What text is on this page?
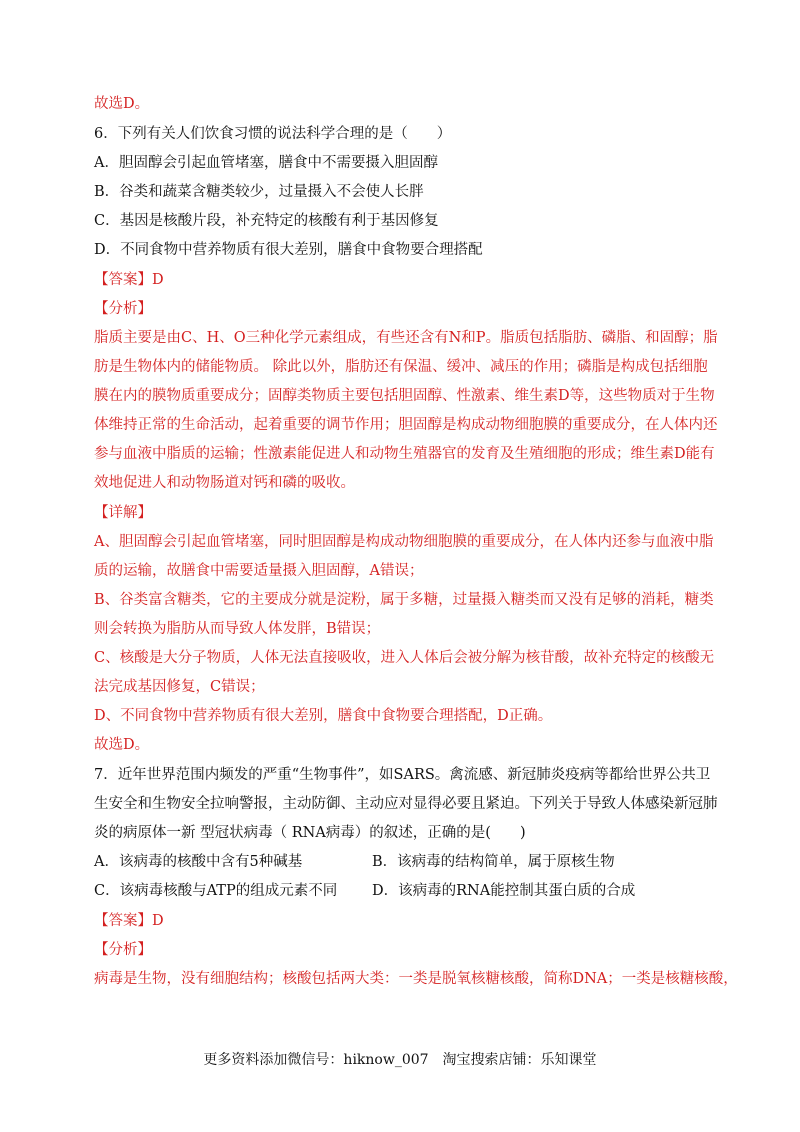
故选D。
6．下列有关人们饮食习惯的说法科学合理的是（　　）
A．胆固醇会引起血管堵塞，膳食中不需要摄入胆固醇
B．谷类和蔬菜含糖类较少，过量摄入不会使人长胖
C．基因是核酸片段，补充特定的核酸有利于基因修复
D．不同食物中营养物质有很大差别，膳食中食物要合理搭配
【答案】D
【分析】
脂质主要是由C、H、O三种化学元素组成，有些还含有N和P。脂质包括脂肪、磷脂、和固醇；脂
肪是生物体内的储能物质。 除此以外，脂肪还有保温、缓冲、减压的作用；磷脂是构成包括细胞
膜在内的膜物质重要成分；固醇类物质主要包括胆固醇、性激素、维生素D等，这些物质对于生物
体维持正常的生命活动，起着重要的调节作用；胆固醇是构成动物细胞膜的重要成分，在人体内还
参与血液中脂质的运输；性激素能促进人和动物生殖器官的发育及生殖细胞的形成；维生素D能有
效地促进人和动物肠道对钙和磷的吸收。
【详解】
A、胆固醇会引起血管堵塞，同时胆固醇是构成动物细胞膜的重要成分，在人体内还参与血液中脂
质的运输，故膳食中需要适量摄入胆固醇，A错误；
B、谷类富含糖类，它的主要成分就是淀粉，属于多糖，过量摄入糖类而又没有足够的消耗，糖类
则会转换为脂肪从而导致人体发胖，B错误；
C、核酸是大分子物质，人体无法直接吸收，进入人体后会被分解为核苷酸，故补充特定的核酸无
法完成基因修复，C错误；
D、不同食物中营养物质有很大差别，膳食中食物要合理搭配，D正确。
故选D。
7．近年世界范围内频发的严重“生物事件”，如SARS。禽流感、新冠肺炎疫病等都给世界公共卫
生安全和生物安全拉响警报，主动防御、主动应对显得必要且紧迫。下列关于导致人体感染新冠肺
炎的病原体一新 型冠状病毒（ RNA病毒）的叙述，正确的是(　　)
A．该病毒的核酸中含有5种碱基	B．该病毒的结构简单，属于原核生物
C．该病毒核酸与ATP的组成元素不同	D．该病毒的RNA能控制其蛋白质的合成
【答案】D
【分析】
病毒是生物，没有细胞结构；核酸包括两大类：一类是脱氧核糖核酸，简称DNA；一类是核糖核酸，
更多资料添加微信号：hiknow_007　淘宝搜索店铺：乐知课堂
